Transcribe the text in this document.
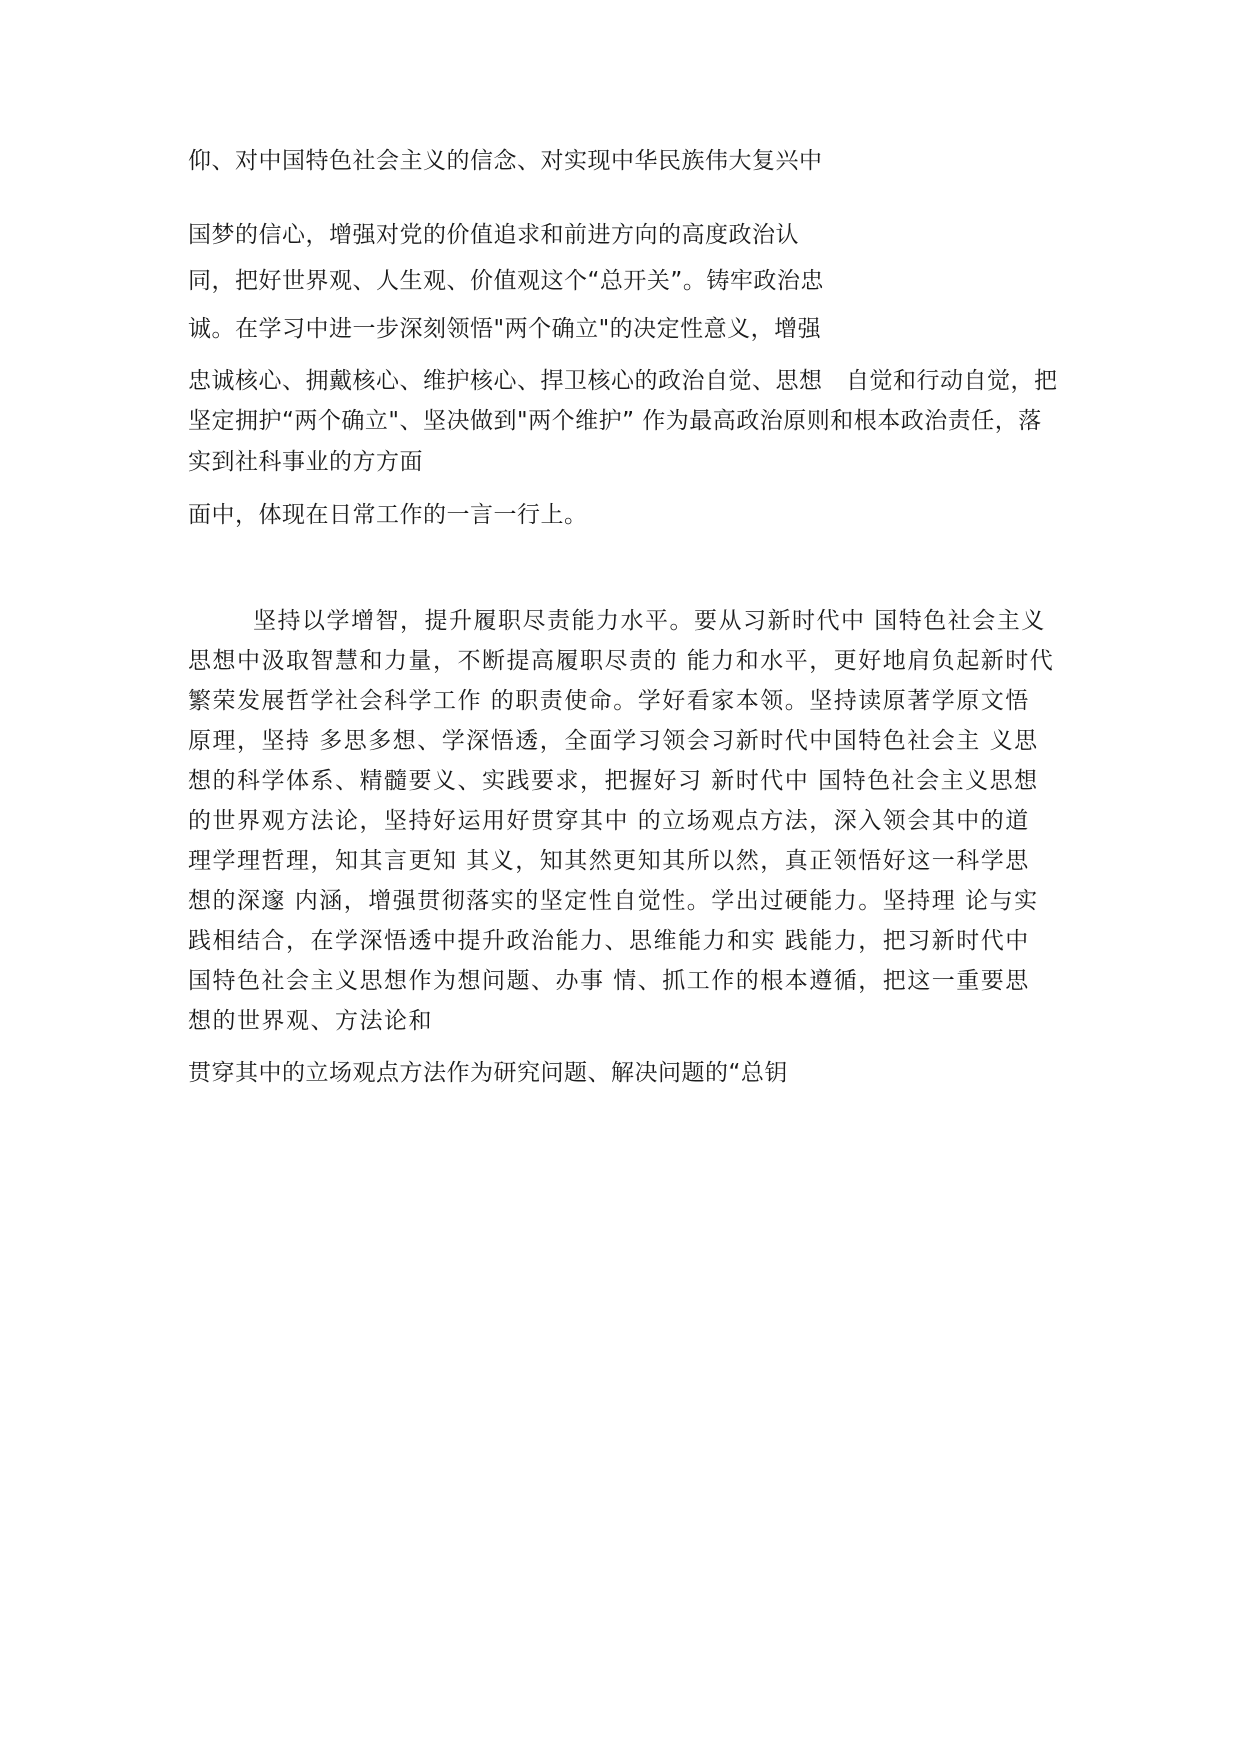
仰、对中国特色社会主义的信念、对实现中华民族伟大复兴中
国梦的信心，增强对党的价值追求和前进方向的高度政治认
同，把好世界观、人生观、价值观这个“总开关”。铸牢政治忠
诚。在学习中进一步深刻领悟"两个确立"的决定性意义，增强
忠诚核心、拥戴核心、维护核心、捍卫核心的政治自觉、思想　自觉和行动自觉，把
坚定拥护“两个确立"、坚决做到"两个维护” 作为最高政治原则和根本政治责任，落
实到社科事业的方方面
面中，体现在日常工作的一言一行上。
坚持以学增智，提升履职尽责能力水平。要从习新时代中 国特色社会主义
思想中汲取智慧和力量，不断提高履职尽责的 能力和水平，更好地肩负起新时代
繁荣发展哲学社会科学工作 的职责使命。学好看家本领。坚持读原著学原文悟
原理，坚持 多思多想、学深悟透，全面学习领会习新时代中国特色社会主 义思
想的科学体系、精髓要义、实践要求，把握好习 新时代中 国特色社会主义思想
的世界观方法论，坚持好运用好贯穿其中 的立场观点方法，深入领会其中的道
理学理哲理，知其言更知 其义，知其然更知其所以然，真正领悟好这一科学思
想的深邃 内涵，增强贯彻落实的坚定性自觉性。学出过硬能力。坚持理 论与实
践相结合，在学深悟透中提升政治能力、思维能力和实 践能力，把习新时代中
国特色社会主义思想作为想问题、办事 情、抓工作的根本遵循，把这一重要思
想的世界观、方法论和
贯穿其中的立场观点方法作为研究问题、解决问题的“总钥
